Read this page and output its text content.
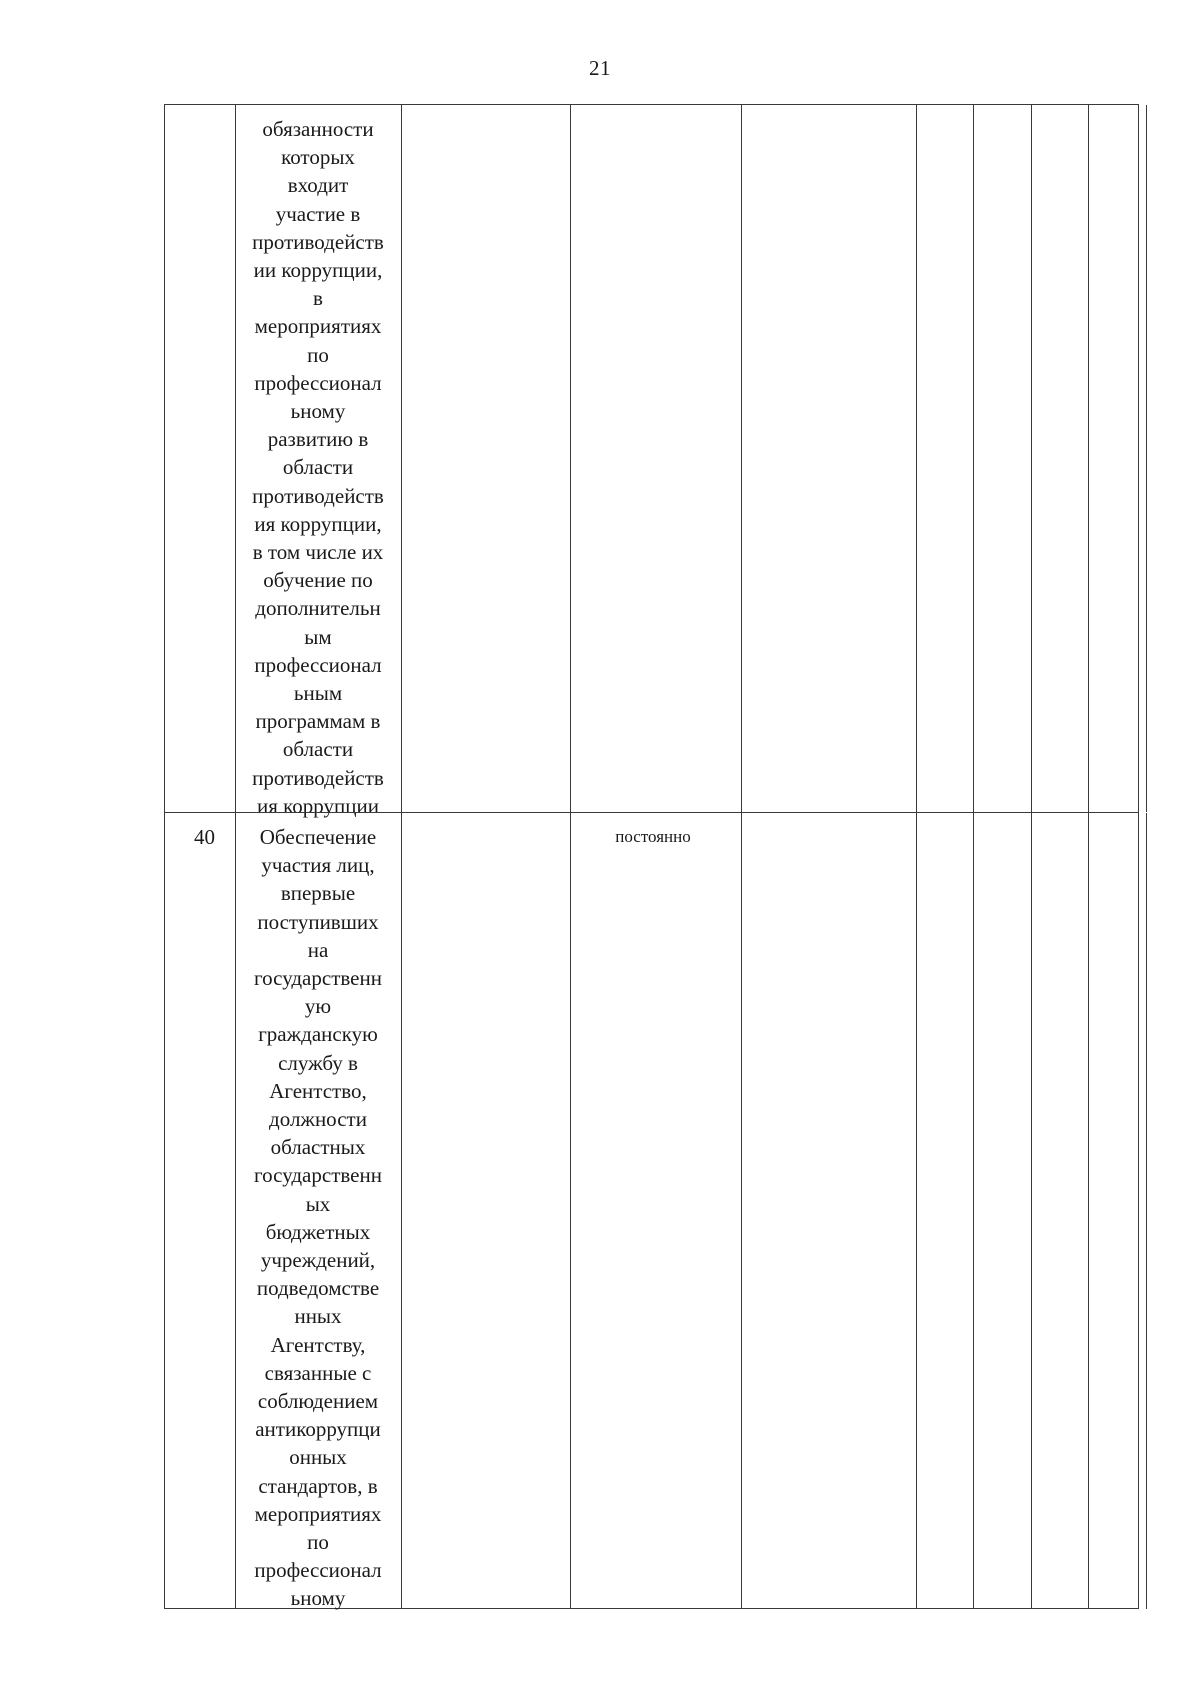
21
обязанности
которых
входит
участие в
противодейств
ии коррупции,
в
мероприятиях
по
профессионал
ьному
развитию в
области
противодейств
ия коррупции,
в том числе их
обучение по
дополнительн
ым
профессионал
ьным
программам в
области
противодейств
ия коррупции
40	Обеспечение
участия лиц,
впервые
поступивших
на
государственн
ую
гражданскую
службу в
Агентство,
должности
областных
государственн
ых
бюджетных
учреждений,
подведомстве
нных
Агентству,
связанные с
соблюдением
антикоррупци
онных
стандартов, в
мероприятиях
по
профессионал
ьному
постоянно
